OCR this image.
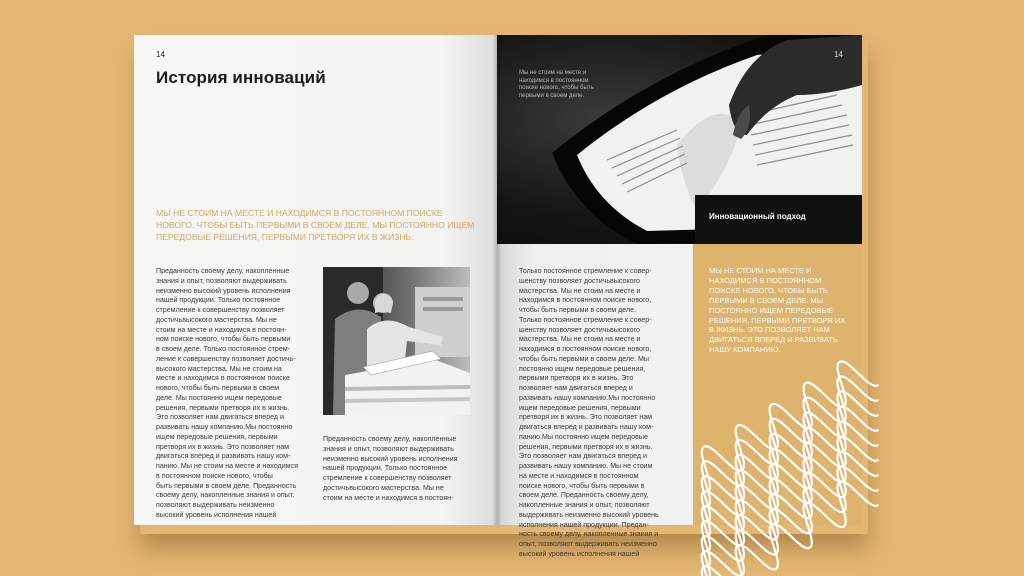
14
История инноваций

МЫ НЕ СТОИМ НА МЕСТЕ И НАХОДИМСЯ В ПОСТОЯННОМ ПОИСКЕ НОВОГО, ЧТОБЫ БЫТЬ ПЕРВЫМИ В СВОЕМ ДЕЛЕ. МЫ ПОСТОЯННО ИЩЕМ ПЕРЕДОВЫЕ РЕШЕНИЯ, ПЕРВЫМИ ПРЕТВОРЯ ИХ В ЖИЗНЬ.

Преданность своему делу, накопленные
знания и опыт, позволяют выдерживать
неизменно высокий уровень исполнения
нашей продукции. Только постоянное
стремление к совершенству позволяет
достичьвысокого мастерства. Мы не
стоим на месте и находимся в постоян-
ном поиске нового, чтобы быть первыми
в своем деле. Только постоянное стрем-
ление к совершенству позволяет достичь-
высокого мастерства. Мы не стоим на
месте и находимся в постоянном поиске
нового, чтобы быть первыми в своем
деле. Мы постоянно ищем передовые
решения, первыми претворя их в жизнь.
Это позволяет нам двигаться вперед и
развивать нашу компанию.Мы постоянно
ищем передовые решения, первыми
претворя их в жизнь. Это позволяет нам
двигаться вперед и развивать нашу ком-
панию. Мы не стоим на месте и находимся
в постоянном поиске нового, чтобы
быть первыми в своем деле. Преданность
своему делу, накопленные знания и опыт,
позволяют выдерживать неизменно
высокий уровень исполнения нашей
Преданность своему делу, накопленные
знания и опыт, позволяют выдерживать
неизменно высокий уровень исполнения
нашей продукции. Только постоянное
стремление к совершенству позволяет
достичьвысокого мастерства. Мы не
стоим на месте и находимся в постоян-

Мы не стоим на месте и находимся в постоянном поиске нового, чтобы быть первыми в своем деле.

14

Инновационный подход

Только постоянное стремление к совер-
шенству позволяет достичьвысокого
мастерства. Мы не стоим на месте и
находимся в постоянном поиске нового,
чтобы быть первыми в своем деле.
Только постоянное стремление к совер-
шенству позволяет достичьвысокого
мастерства. Мы не стоим на месте и
находимся в постоянном поиске нового,
чтобы быть первыми в своем деле. Мы
постоянно ищем передовые решения,
первыми претворя их в жизнь. Это
позволяет нам двигаться вперед и
развивать нашу компанию.Мы постоянно
ищем передовые решения, первыми
претворя их в жизнь. Это позволяет нам
двигаться вперед и развивать нашу ком-
панию.Мы постоянно ищем передовые
решения, первыми претворя их в жизнь.
Это позволяет нам двигаться вперед и
развивать нашу компанию. Мы не стоим
на месте и находимся в постоянном
поиске нового, чтобы быть первыми в
своем деле. Преданность своему делу,
накопленные знания и опыт, позволяют
выдерживать неизменно высокий уровень
исполнения нашей продукции. Предан-
ность своему делу, накопленные знания и
опыт, позволяют выдерживать неизменно
высокий уровень исполнения нашей

МЫ НЕ СТОИМ НА МЕСТЕ И НАХОДИМСЯ В ПОСТОЯННОМ ПОИСКЕ НОВОГО, ЧТОБЫ БЫТЬ ПЕРВЫМИ В СВОЕМ ДЕЛЕ. МЫ ПОСТОЯННО ИЩЕМ ПЕРЕДОВЫЕ РЕШЕНИЯ, ПЕРВЫМИ ПРЕТВОРЯ ИХ В ЖИЗНЬ. ЭТО ПОЗВОЛЯЕТ НАМ ДВИГАТЬСЯ ВПЕРЕД И РАЗВИВАТЬ НАШУ КОМПАНИЮ.
